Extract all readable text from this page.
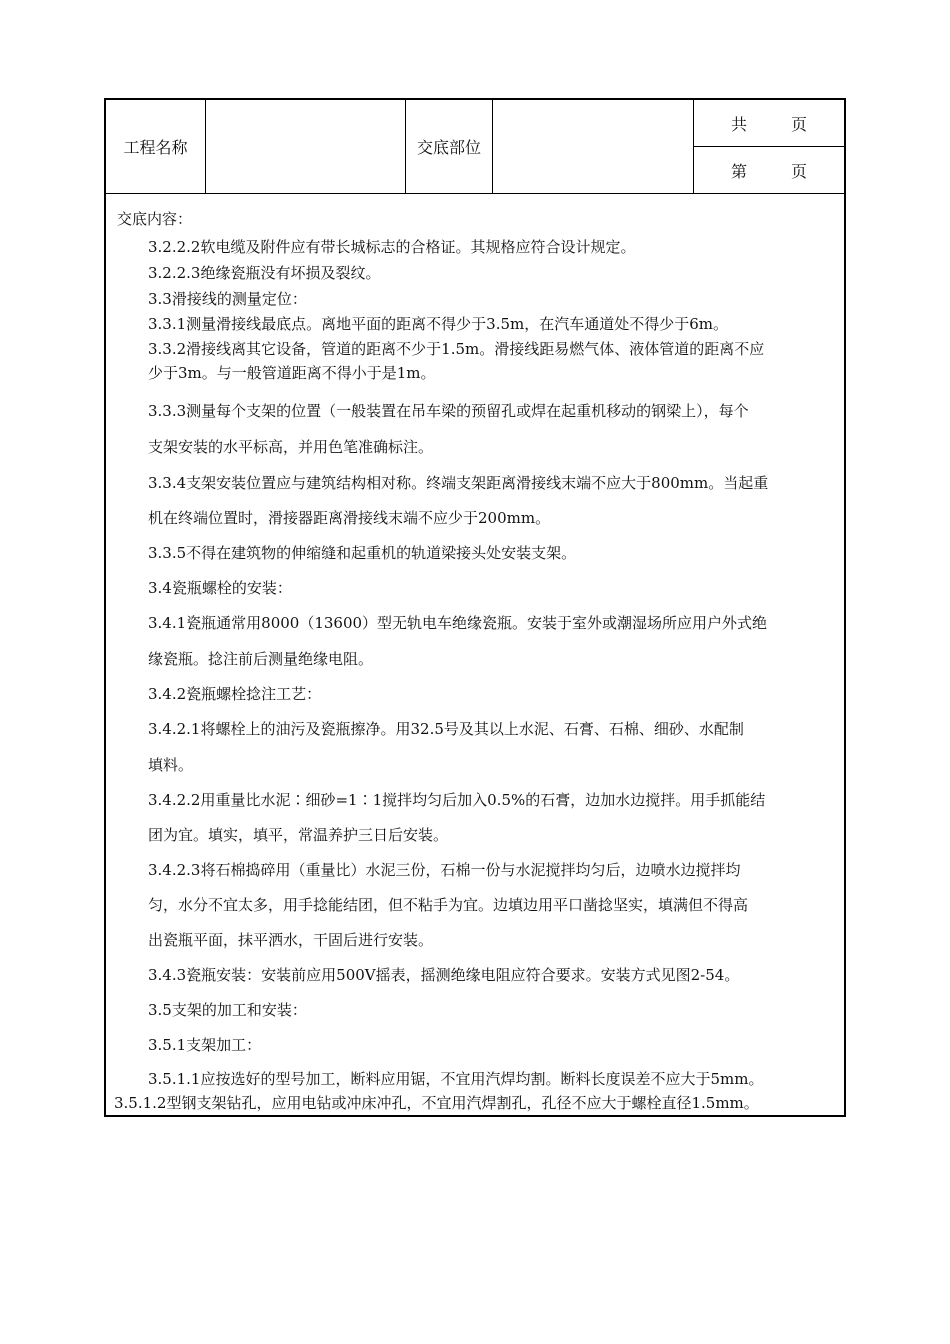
工程名称	交底部位
共	页
第	页
交底内容：
3.2.2.2软电缆及附件应有带长城标志的合格证。其规格应符合设计规定。
3.2.2.3绝缘瓷瓶没有坏损及裂纹。
3.3滑接线的测量定位：
3.3.1测量滑接线最底点。离地平面的距离不得少于3.5m，在汽车通道处不得少于6m。
3.3.2滑接线离其它设备，管道的距离不少于1.5m。滑接线距易燃气体、液体管道的距离不应
少于3m。与一般管道距离不得小于是1m。
3.3.3测量每个支架的位置（一般装置在吊车梁的预留孔或焊在起重机移动的钢梁上），每个
支架安装的水平标高，并用色笔准确标注。
3.3.4支架安装位置应与建筑结构相对称。终端支架距离滑接线末端不应大于800mm。当起重
机在终端位置时，滑接器距离滑接线末端不应少于200mm。
3.3.5不得在建筑物的伸缩缝和起重机的轨道梁接头处安装支架。
3.4瓷瓶螺栓的安装：
3.4.1瓷瓶通常用8000（13600）型无轨电车绝缘瓷瓶。安装于室外或潮湿场所应用户外式绝
缘瓷瓶。捻注前后测量绝缘电阻。
3.4.2瓷瓶螺栓捻注工艺：
3.4.2.1将螺栓上的油污及瓷瓶擦净。用32.5号及其以上水泥、石膏、石棉、细砂、水配制
填料。
3.4.2.2用重量比水泥∶细砂=1∶1搅拌均匀后加入0.5%的石膏，边加水边搅拌。用手抓能结
团为宜。填实，填平，常温养护三日后安装。
3.4.2.3将石棉捣碎用（重量比）水泥三份，石棉一份与水泥搅拌均匀后，边喷水边搅拌均
匀，水分不宜太多，用手捻能结团，但不粘手为宜。边填边用平口凿捻坚实，填满但不得高
出瓷瓶平面，抹平洒水，干固后进行安装。
3.4.3瓷瓶安装：安装前应用500V摇表，摇测绝缘电阻应符合要求。安装方式见图2-54。
3.5支架的加工和安装：
3.5.1支架加工：
3.5.1.1应按选好的型号加工，断料应用锯，不宜用汽焊均割。断料长度误差不应大于5mm。
3.5.1.2型钢支架钻孔，应用电钻或冲床冲孔，不宜用汽焊割孔，孔径不应大于螺栓直径1.5mm。
